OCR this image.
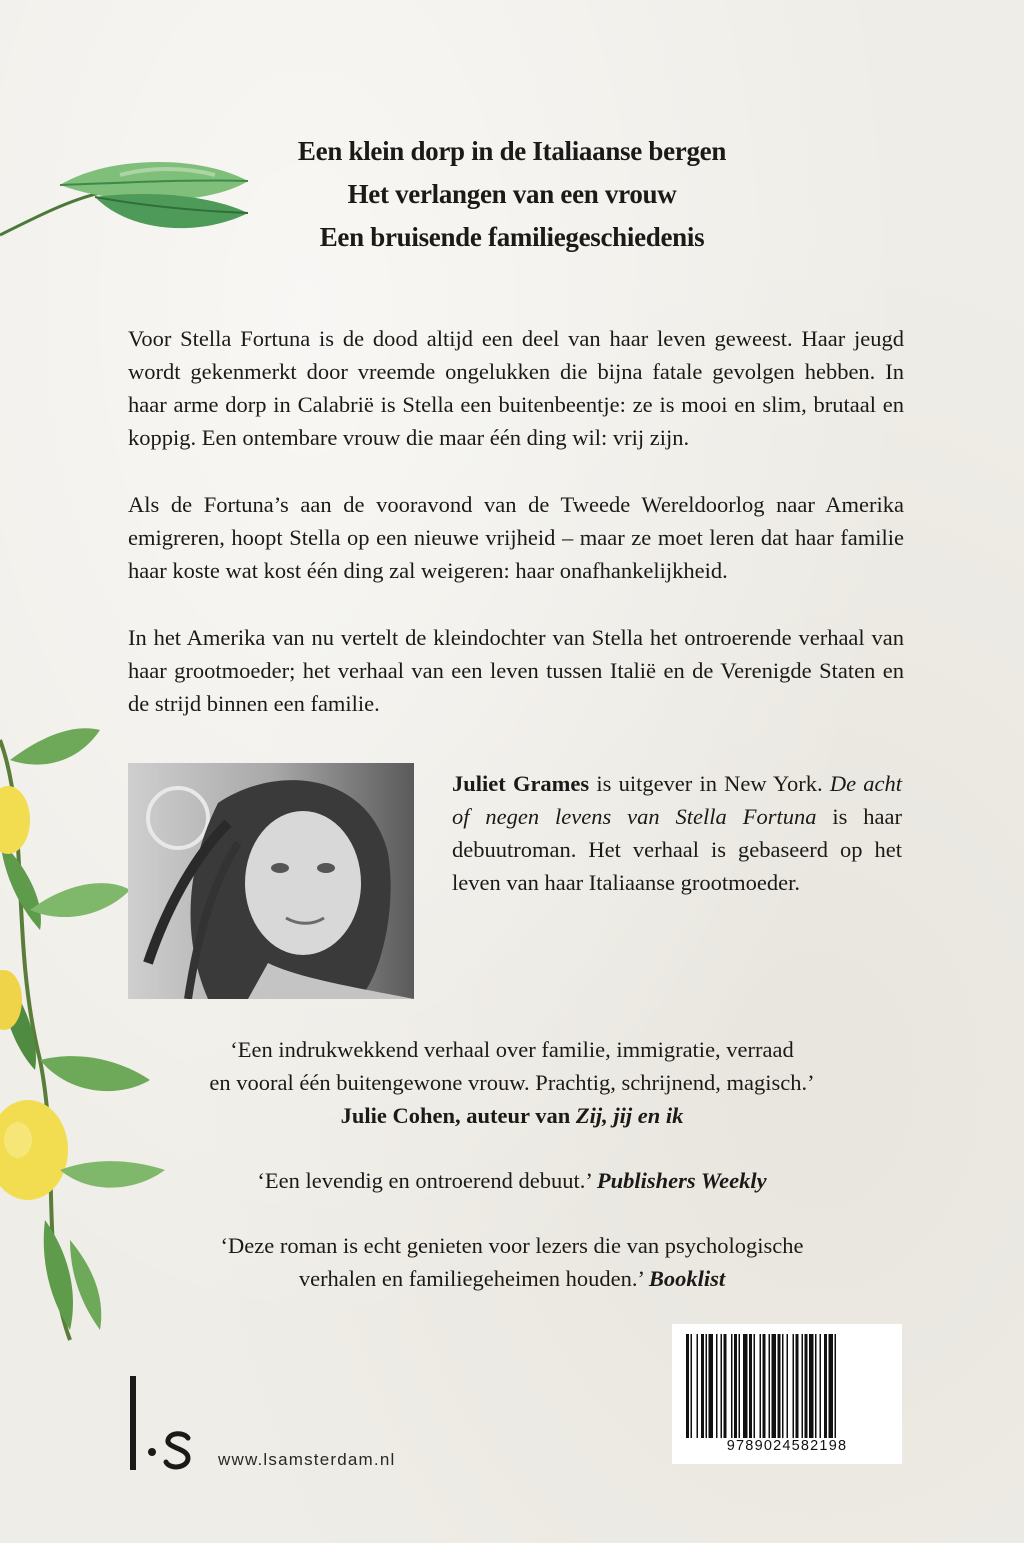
Een klein dorp in de Italiaanse bergen
Het verlangen van een vrouw
Een bruisende familiegeschiedenis
Voor Stella Fortuna is de dood altijd een deel van haar leven geweest. Haar jeugd wordt gekenmerkt door vreemde ongelukken die bijna fatale gevolgen hebben. In haar arme dorp in Calabrië is Stella een buitenbeentje: ze is mooi en slim, brutaal en koppig. Een ontembare vrouw die maar één ding wil: vrij zijn.
Als de Fortuna’s aan de vooravond van de Tweede Wereldoorlog naar Amerika emigreren, hoopt Stella op een nieuwe vrijheid – maar ze moet leren dat haar familie haar koste wat kost één ding zal weigeren: haar onafhankelijkheid.
In het Amerika van nu vertelt de kleindochter van Stella het ontroerende verhaal van haar grootmoeder; het verhaal van een leven tussen Italië en de Verenigde Staten en de strijd binnen een familie.
Juliet Grames is uitgever in New York. De acht of negen levens van Stella Fortuna is haar debuutroman. Het verhaal is gebaseerd op het leven van haar Italiaanse grootmoeder.
‘Een indrukwekkend verhaal over familie, immigratie, verraad
en vooral één buitengewone vrouw. Prachtig, schrijnend, magisch.’
Julie Cohen, auteur van Zij, jij en ik
‘Een levendig en ontroerend debuut.’ Publishers Weekly
‘Deze roman is echt genieten voor lezers die van psychologische
verhalen en familiegeheimen houden.’ Booklist
www.lsamsterdam.nl
9789024582198
